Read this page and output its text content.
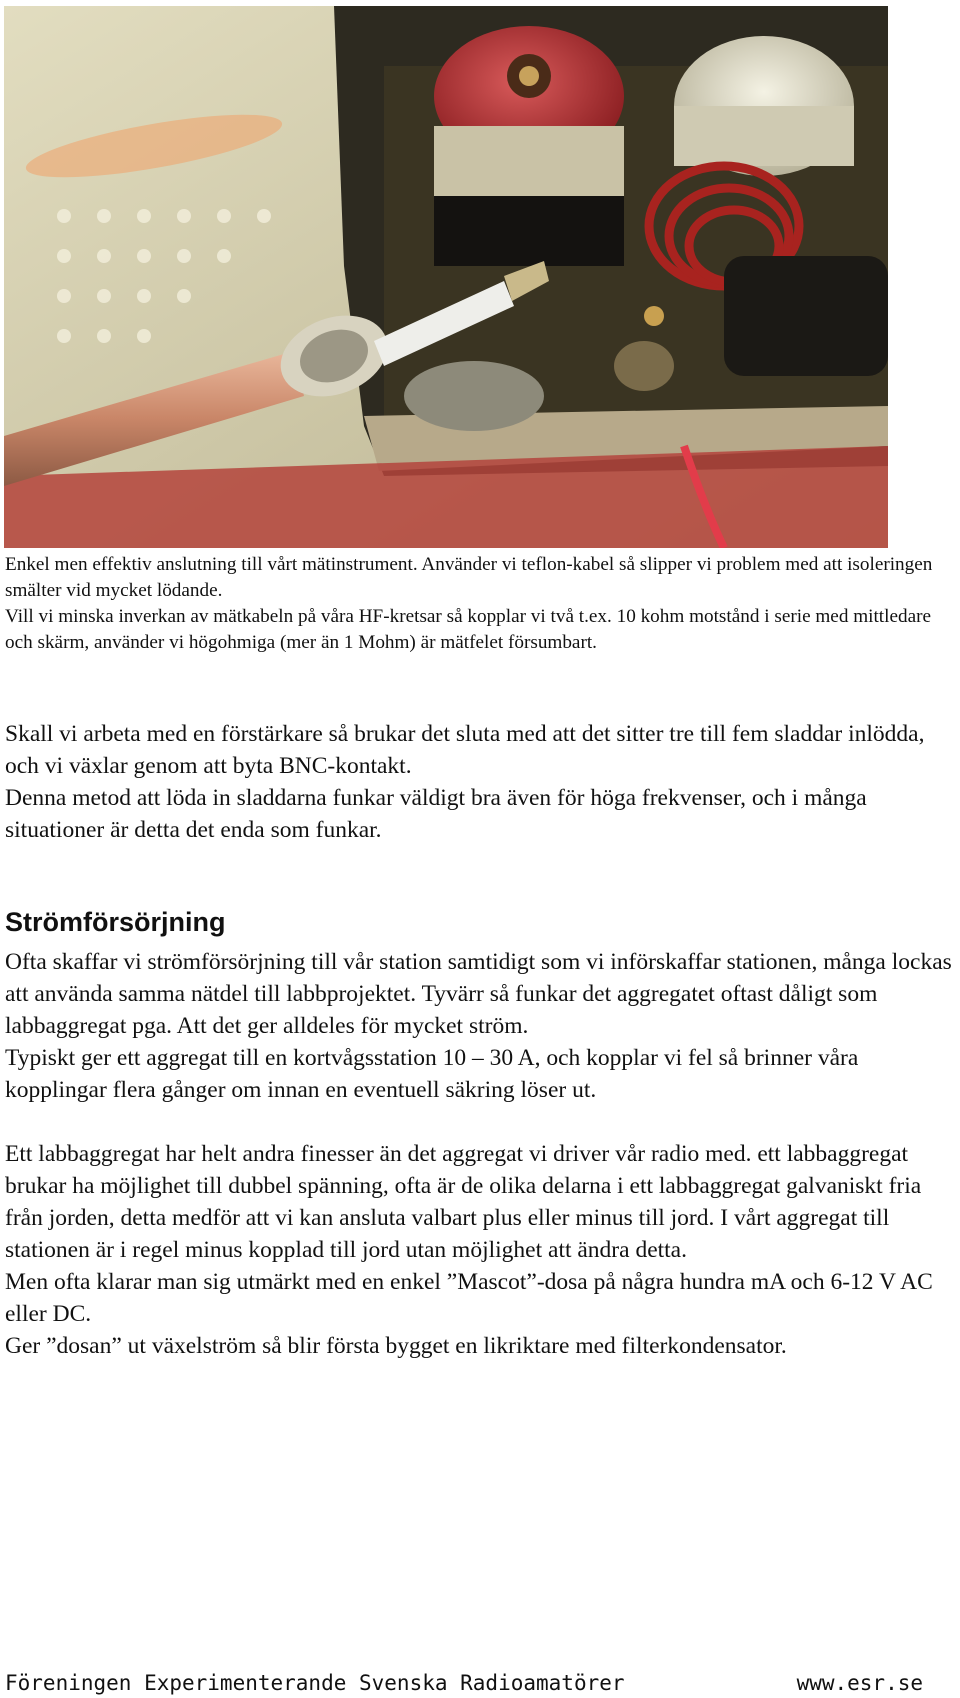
Enkel men effektiv anslutning till vårt mätinstrument. Använder vi teflon-kabel så slipper vi problem med att isoleringen smälter vid mycket lödande.

Vill vi minska inverkan av mätkabeln på våra HF-kretsar så kopplar vi två t.ex. 10 kohm motstånd i serie med mittledare och skärm, använder vi högohmiga (mer än 1 Mohm) är mätfelet försumbart.

Skall vi arbeta med en förstärkare så brukar det sluta med att det sitter tre till fem sladdar inlödda, och vi växlar genom att byta BNC-kontakt.

Denna metod att löda in sladdarna funkar väldigt bra även för höga frekvenser, och i många situationer är detta det enda som funkar.

Strömförsörjning

Ofta skaffar vi strömförsörjning till vår station samtidigt som vi införskaffar stationen, många lockas att använda samma nätdel till labbprojektet. Tyvärr så funkar det aggregatet oftast dåligt som labbaggregat pga. Att det ger alldeles för mycket ström.

Typiskt ger ett aggregat till en kortvågsstation 10 – 30 A, och kopplar vi fel så brinner våra kopplingar flera gånger om innan en eventuell säkring löser ut.

Ett labbaggregat har helt andra finesser än det aggregat vi driver vår radio med. ett labbaggregat brukar ha möjlighet till dubbel spänning, ofta är de olika delarna i ett labbaggregat galvaniskt fria från jorden, detta medför att vi kan ansluta valbart plus eller minus till jord. I vårt aggregat till stationen är i regel minus kopplad till jord utan möjlighet att ändra detta.

Men ofta klarar man sig utmärkt med en enkel ”Mascot”-dosa på några hundra mA och 6-12 V AC eller DC.

Ger ”dosan” ut växelström så blir första bygget en likriktare med filterkondensator.

Föreningen Experimenterande Svenska Radioamatörer	www.esr.se
